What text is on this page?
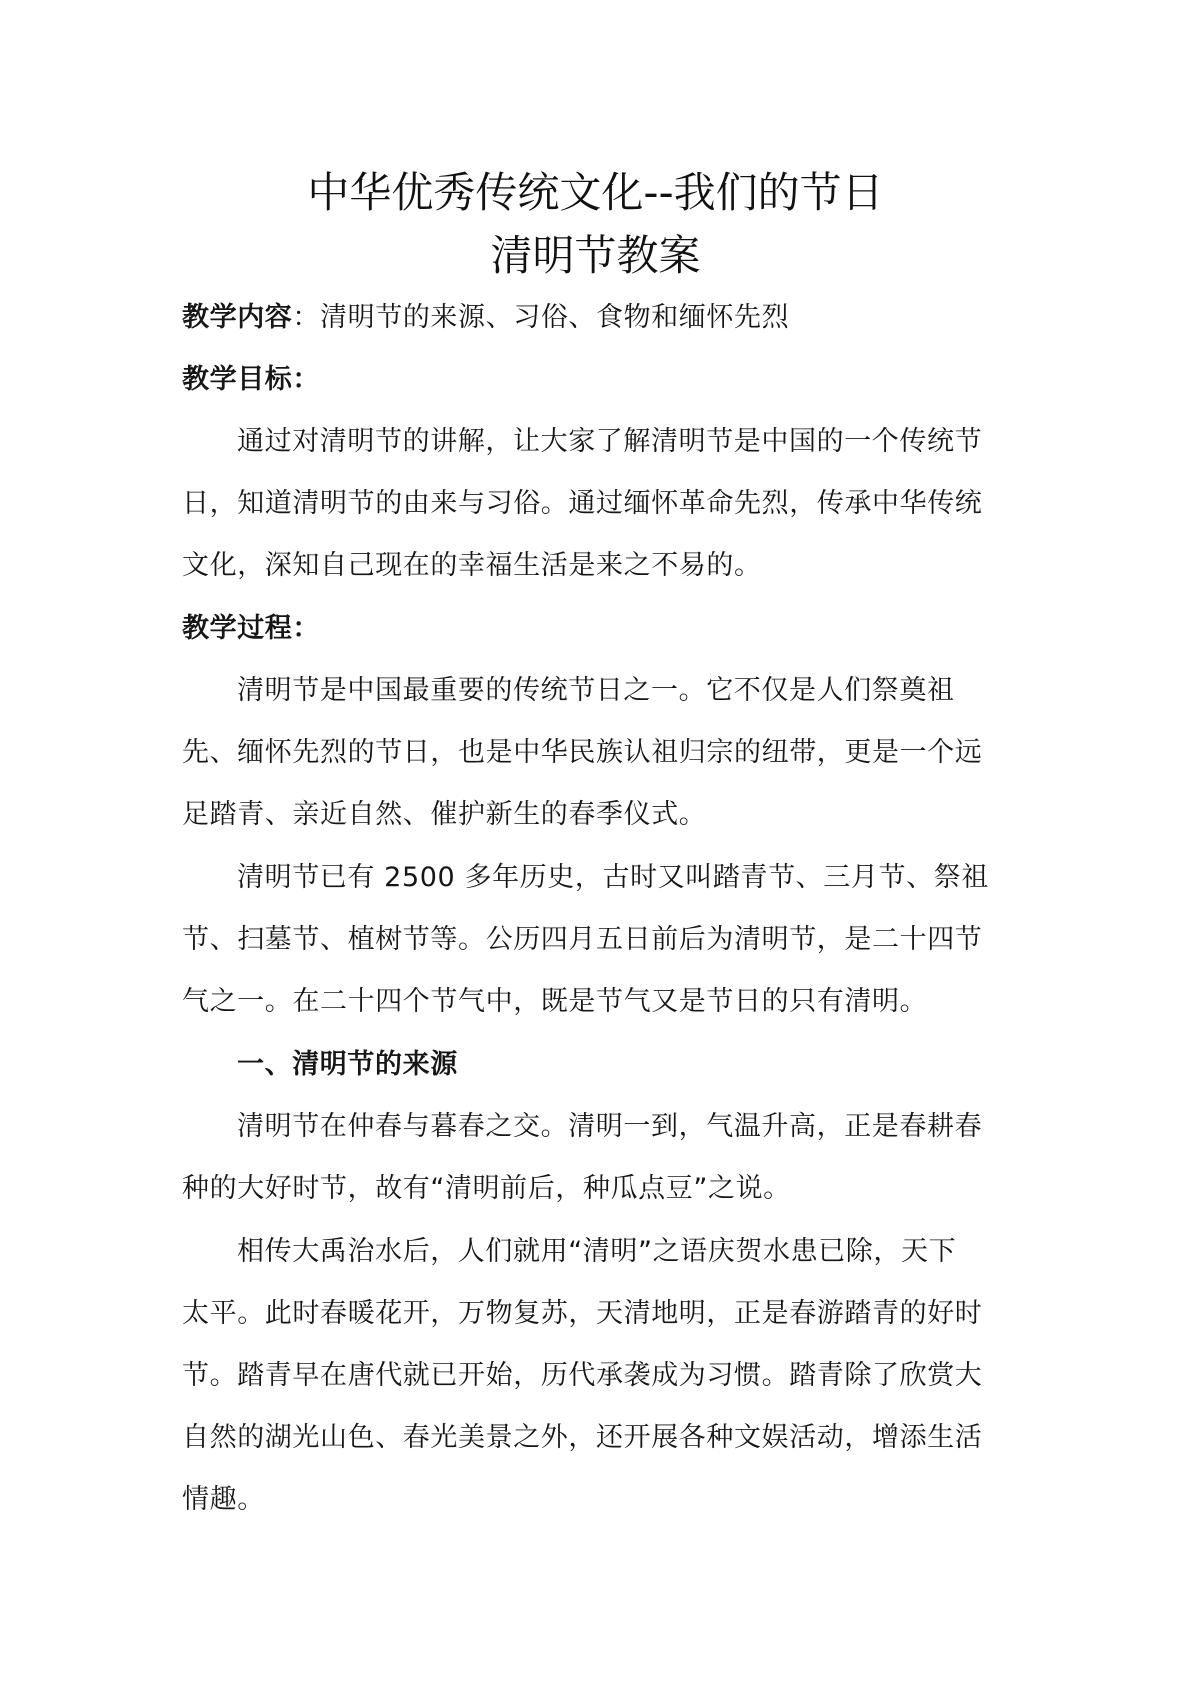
中华优秀传统文化--我们的节日
清明节教案
教学内容：清明节的来源、习俗、食物和缅怀先烈
教学目标：
通过对清明节的讲解，让大家了解清明节是中国的一个传统节
日，知道清明节的由来与习俗。通过缅怀革命先烈，传承中华传统
文化，深知自己现在的幸福生活是来之不易的。
教学过程：
清明节是中国最重要的传统节日之一。它不仅是人们祭奠祖
先、缅怀先烈的节日，也是中华民族认祖归宗的纽带，更是一个远
足踏青、亲近自然、催护新生的春季仪式。
清明节已有 2500 多年历史，古时又叫踏青节、三月节、祭祖
节、扫墓节、植树节等。公历四月五日前后为清明节，是二十四节
气之一。在二十四个节气中，既是节气又是节日的只有清明。
一、清明节的来源
清明节在仲春与暮春之交。清明一到，气温升高，正是春耕春
种的大好时节，故有“清明前后，种瓜点豆”之说。
相传大禹治水后，人们就用“清明”之语庆贺水患已除，天下
太平。此时春暖花开，万物复苏，天清地明，正是春游踏青的好时
节。踏青早在唐代就已开始，历代承袭成为习惯。踏青除了欣赏大
自然的湖光山色、春光美景之外，还开展各种文娱活动，增添生活
情趣。
